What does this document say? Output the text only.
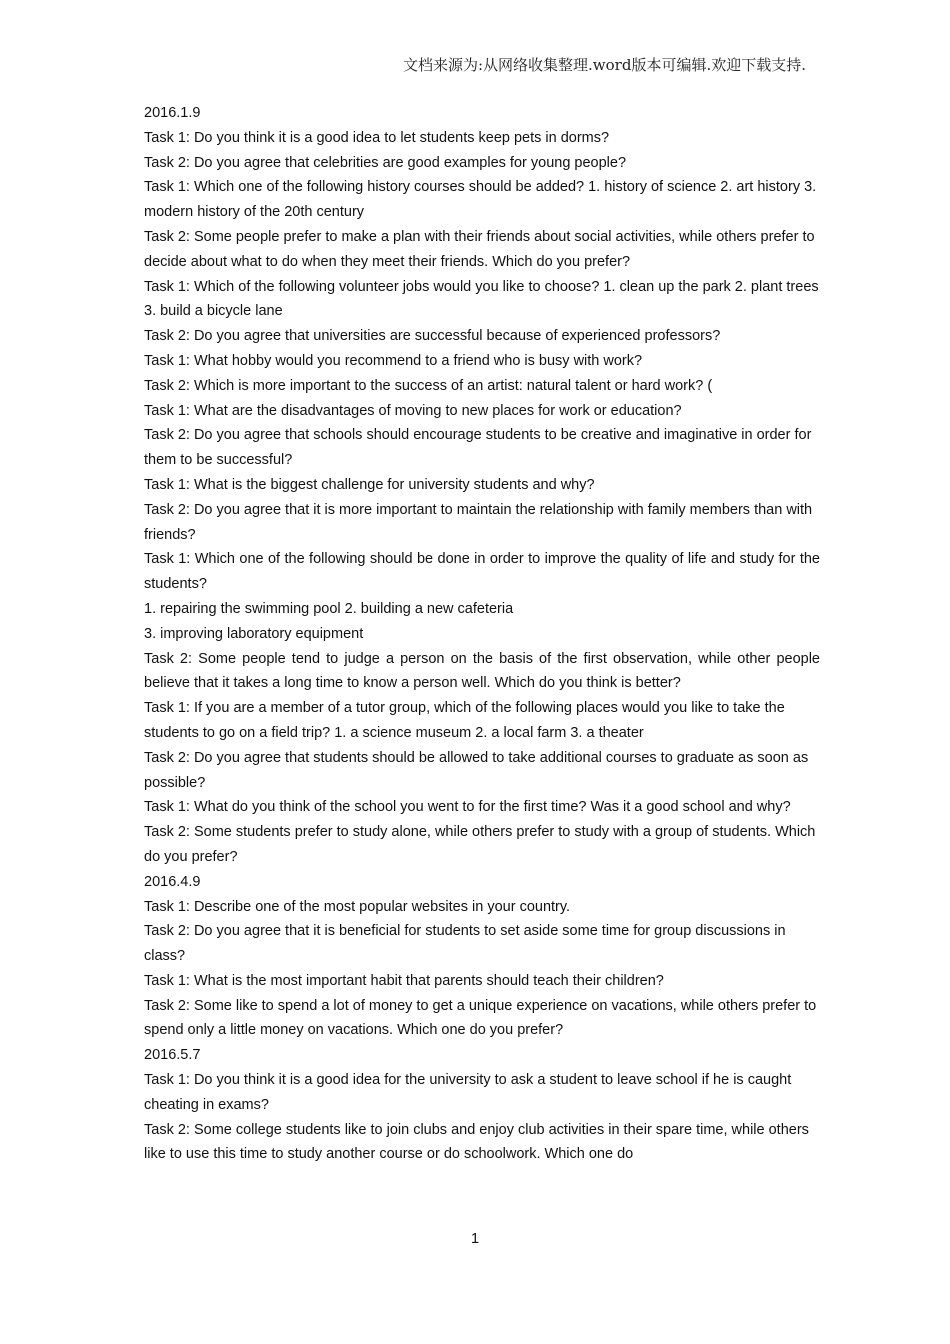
文档来源为:从网络收集整理.word版本可编辑.欢迎下载支持.

2016.1.9

Task 1: Do you think it is a good idea to let students keep pets in dorms?

Task 2: Do you agree that celebrities are good examples for young people?

Task 1: Which one of the following history courses should be added? 1. history of science 2. art history 3. modern history of the 20th century

Task 2: Some people prefer to make a plan with their friends about social activities, while others prefer to decide about what to do when they meet their friends. Which do you prefer?

Task 1: Which of the following volunteer jobs would you like to choose? 1. clean up the park 2. plant trees 3. build a bicycle lane

Task 2: Do you agree that universities are successful because of experienced professors?

Task 1: What hobby would you recommend to a friend who is busy with work?

Task 2: Which is more important to the success of an artist: natural talent or hard work? (

Task 1: What are the disadvantages of moving to new places for work or education?

Task 2: Do you agree that schools should encourage students to be creative and imaginative in order for them to be successful?

Task 1: What is the biggest challenge for university students and why?

Task 2: Do you agree that it is more important to maintain the relationship with family members than with friends?

Task 1: Which one of the following should be done in order to improve the quality of life and study for the students?

1. repairing the swimming pool 2. building a new cafeteria

3. improving laboratory equipment

Task 2: Some people tend to judge a person on the basis of the first observation, while other people believe that it takes a long time to know a person well. Which do you think is better?

Task 1: If you are a member of a tutor group, which of the following places would you like to take the students to go on a field trip? 1. a science museum 2. a local farm 3. a theater

Task 2: Do you agree that students should be allowed to take additional courses to graduate as soon as possible?

Task 1: What do you think of the school you went to for the first time? Was it a good school and why?

Task 2: Some students prefer to study alone, while others prefer to study with a group of students. Which do you prefer?

2016.4.9

Task 1: Describe one of the most popular websites in your country.

Task 2: Do you agree that it is beneficial for students to set aside some time for group discussions in class?

Task 1: What is the most important habit that parents should teach their children?

Task 2: Some like to spend a lot of money to get a unique experience on vacations, while others prefer to spend only a little money on vacations. Which one do you prefer?

2016.5.7

Task 1: Do you think it is a good idea for the university to ask a student to leave school if he is caught cheating in exams?

Task 2: Some college students like to join clubs and enjoy club activities in their spare time, while others like to use this time to study another course or do schoolwork. Which one do

1
